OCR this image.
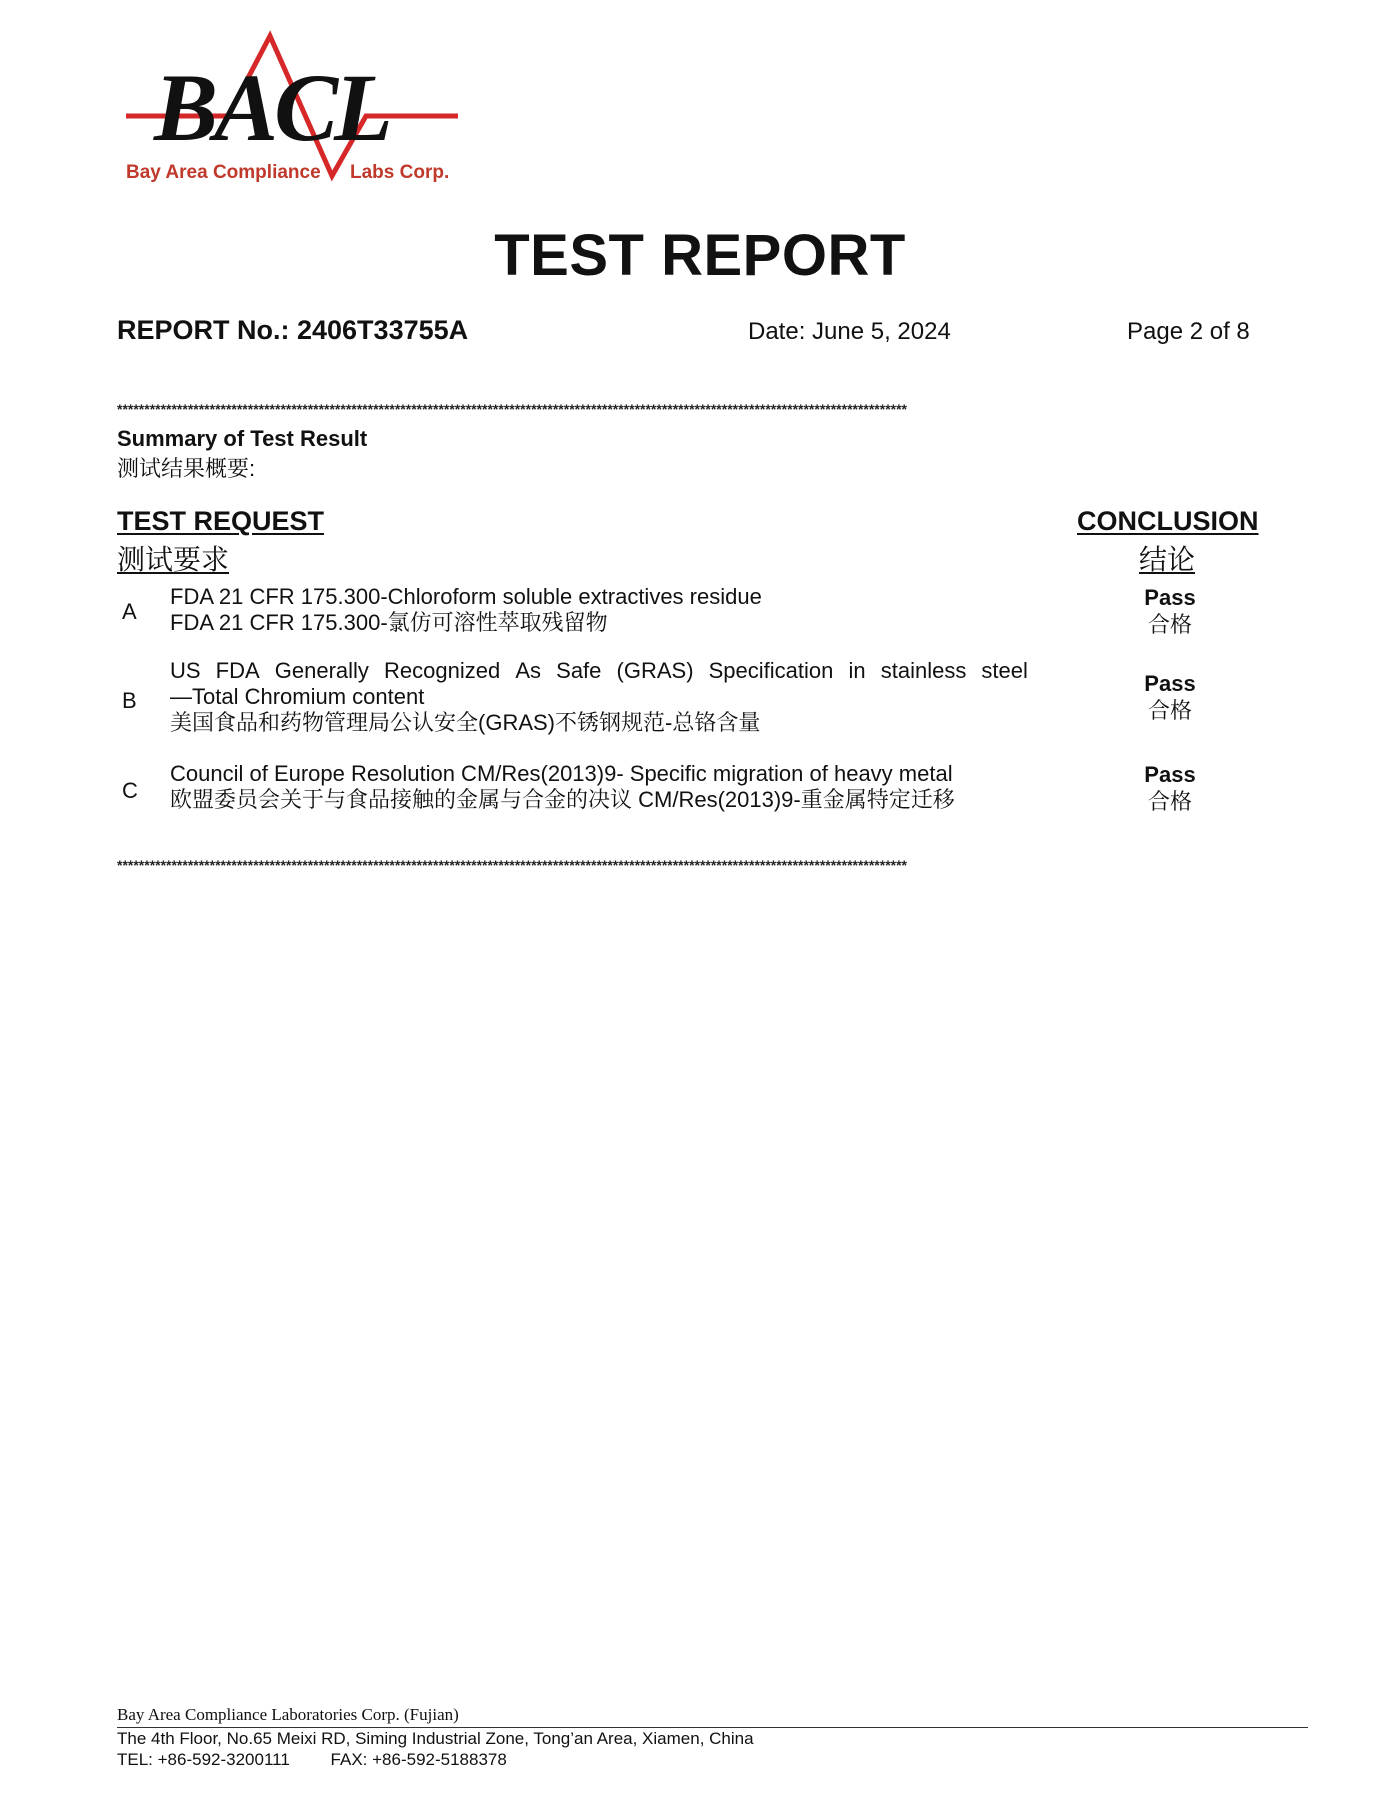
BACL
Bay Area Compliance Labs Corp.
TEST REPORT
REPORT No.: 2406T33755A	Date: June 5, 2024	Page 2 of 8
*************************************************************************************************************************************************
Summary of Test Result
测试结果概要:
TEST REQUEST
测试要求
CONCLUSION
结论
A
FDA 21 CFR 175.300-Chloroform soluble extractives residue
FDA 21 CFR 175.300-氯仿可溶性萃取残留物
Pass
合格
B
US FDA Generally Recognized As Safe (GRAS) Specification in stainless steel
—Total Chromium content
美国食品和药物管理局公认安全(GRAS)不锈钢规范-总铬含量
Pass
合格
C
Council of Europe Resolution CM/Res(2013)9- Specific migration of heavy metal
欧盟委员会关于与食品接触的金属与合金的决议 CM/Res(2013)9-重金属特定迁移
Pass
合格
*************************************************************************************************************************************************
Bay Area Compliance Laboratories Corp. (Fujian)
The 4th Floor, No.65 Meixi RD, Siming Industrial Zone, Tong’an Area, Xiamen, China
TEL: +86-592-3200111 FAX: +86-592-5188378
